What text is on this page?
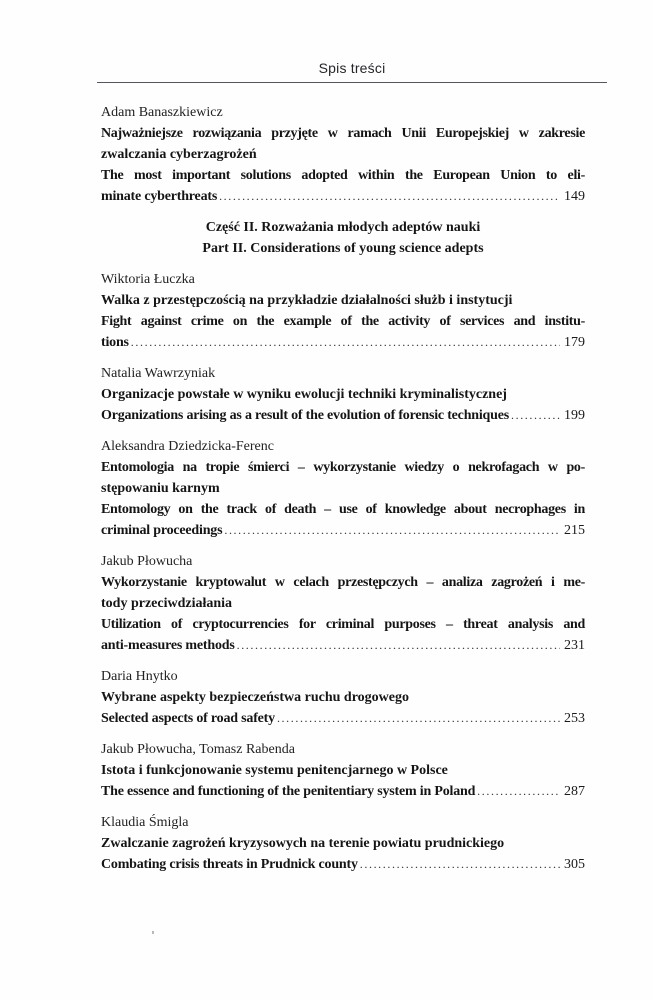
Spis treści
Adam Banaszkiewicz
Najważniejsze rozwiązania przyjęte w ramach Unii Europejskiej w zakresie
zwalczania cyberzagrożeń
The most important solutions adopted within the European Union to eli-
minate cyberthreats .....	149
Część II. Rozważania młodych adeptów nauki
Part II. Considerations of young science adepts
Wiktoria Łuczka
Walka z przestępczością na przykładzie działalności służb i instytucji
Fight against crime on the example of the activity of services and institu-
tions .....	179
Natalia Wawrzyniak
Organizacje powstałe w wyniku ewolucji techniki kryminalistycznej
Organizations arising as a result of the evolution of forensic techniques .....	199
Aleksandra Dziedzicka-Ferenc
Entomologia na tropie śmierci – wykorzystanie wiedzy o nekrofagach w po-
stępowaniu karnym
Entomology on the track of death – use of knowledge about necrophages in
criminal proceedings .....	215
Jakub Płowucha
Wykorzystanie kryptowalut w celach przestępczych – analiza zagrożeń i me-
tody przeciwdziałania
Utilization of cryptocurrencies for criminal purposes – threat analysis and
anti-measures methods .....	231
Daria Hnytko
Wybrane aspekty bezpieczeństwa ruchu drogowego
Selected aspects of road safety .....	253
Jakub Płowucha, Tomasz Rabenda
Istota i funkcjonowanie systemu penitencjarnego w Polsce
The essence and functioning of the penitentiary system in Poland .....	287
Klaudia Śmigla
Zwalczanie zagrożeń kryzysowych na terenie powiatu prudnickiego
Combating crisis threats in Prudnick county .....	305
